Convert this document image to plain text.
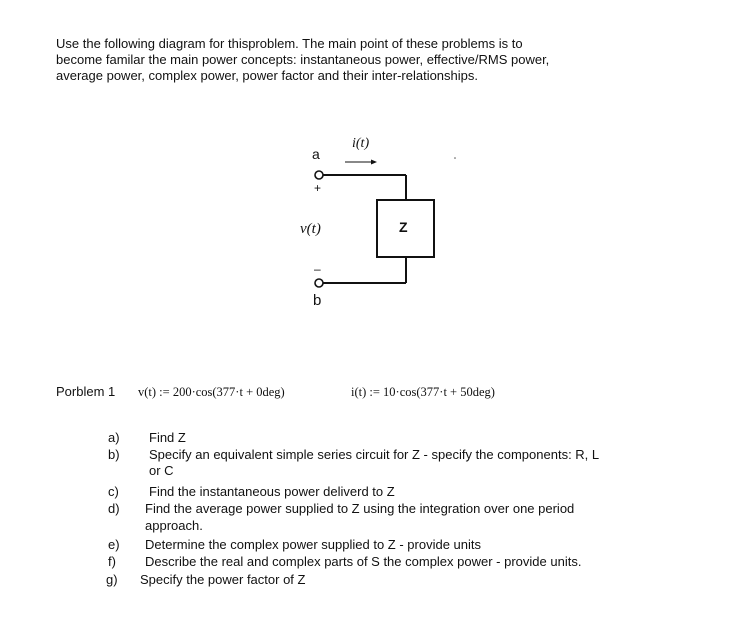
Use the following diagram for thisproblem. The main point of these problems is to
become familar the main power concepts: instantaneous power, effective/RMS power,
average power, complex power, power factor and their inter-relationships.
a
+
i(t)
v(t)	Z
–
b
Porblem 1 v(t) := 200·cos(377·t + 0deg)	i(t) := 10·cos(377·t + 50deg)
a) Find Z
b) Specify an equivalent simple series circuit for Z - specify the components: R, L
or C
c) Find the instantaneous power deliverd to Z
d) Find the average power supplied to Z using the integration over one period
approach.
e) Determine the complex power supplied to Z - provide units
f) Describe the real and complex parts of S the complex power - provide units.
g) Specify the power factor of Z
